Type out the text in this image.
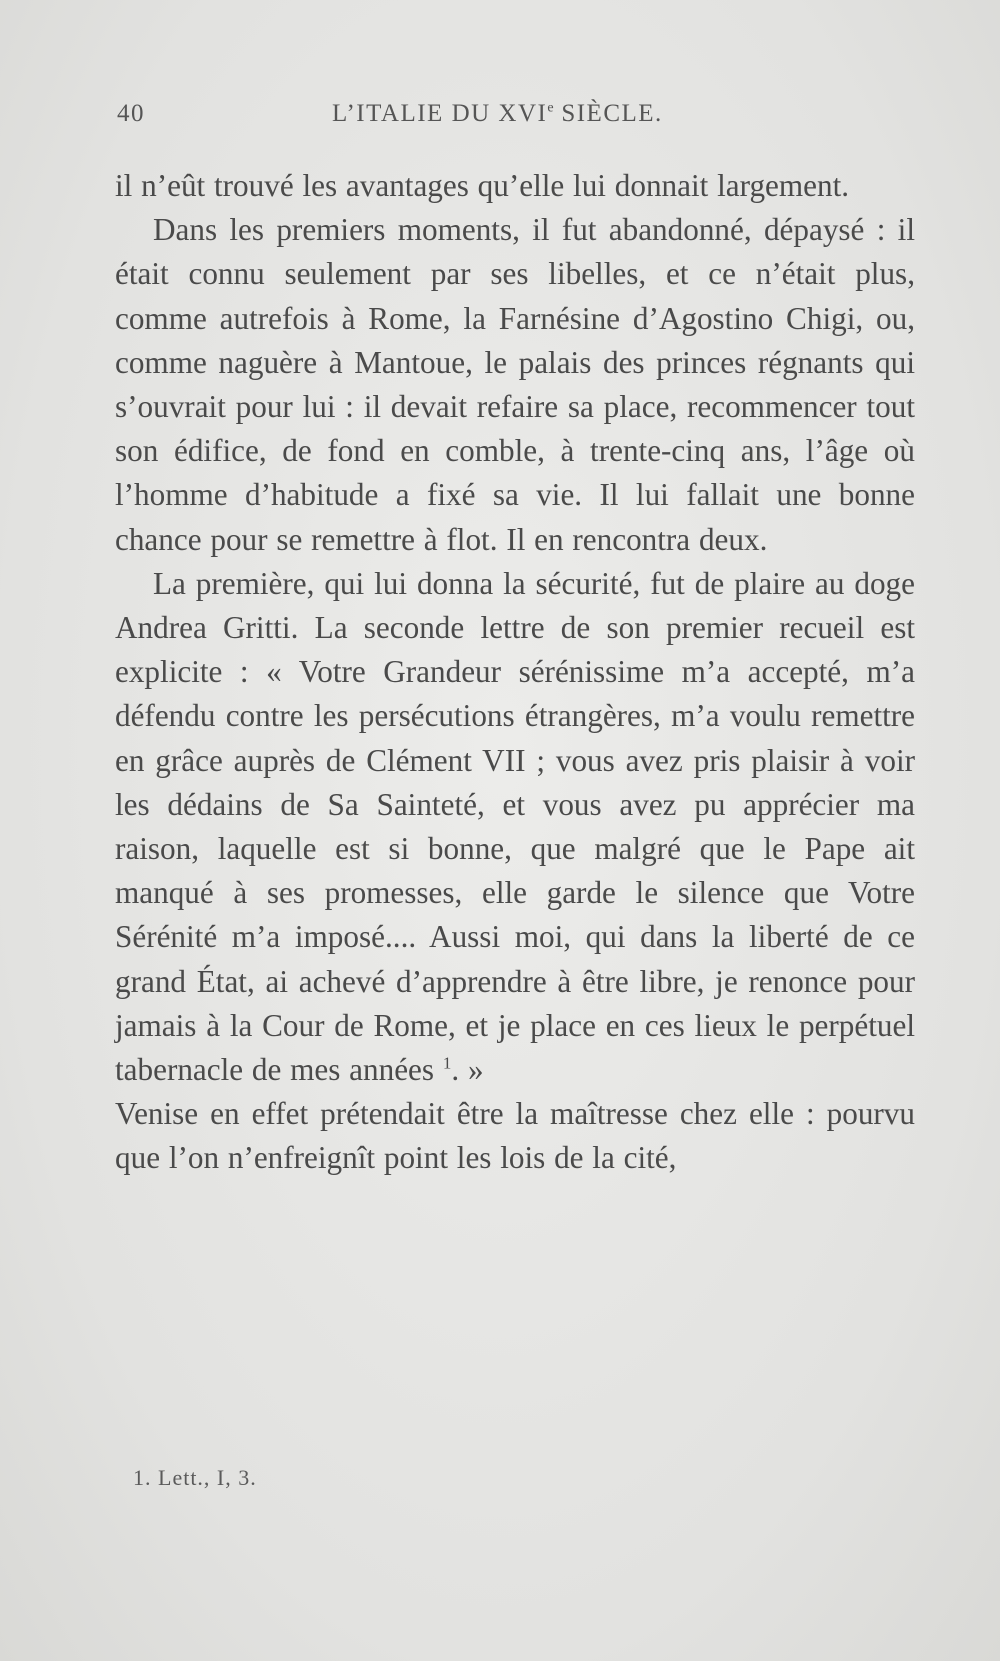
40	L’ITALIE DU XVIe SIÈCLE.

il n’eût trouvé les avantages qu’elle lui donnait largement.

Dans les premiers moments, il fut abandonné, dépaysé : il était connu seulement par ses libelles, et ce n’était plus, comme autrefois à Rome, la Farnésine d’Agostino Chigi, ou, comme naguère à Mantoue, le palais des princes régnants qui s’ouvrait pour lui : il devait refaire sa place, recommencer tout son édifice, de fond en comble, à trente-cinq ans, l’âge où l’homme d’habitude a fixé sa vie. Il lui fallait une bonne chance pour se remettre à flot. Il en rencontra deux.

La première, qui lui donna la sécurité, fut de plaire au doge Andrea Gritti. La seconde lettre de son premier recueil est explicite : « Votre Grandeur sérénissime m’a accepté, m’a défendu contre les persécutions étrangères, m’a voulu remettre en grâce auprès de Clément VII ; vous avez pris plaisir à voir les dédains de Sa Sainteté, et vous avez pu apprécier ma raison, laquelle est si bonne, que malgré que le Pape ait manqué à ses promesses, elle garde le silence que Votre Sérénité m’a imposé.... Aussi moi, qui dans la liberté de ce grand État, ai achevé d’apprendre à être libre, je renonce pour jamais à la Cour de Rome, et je place en ces lieux le perpétuel tabernacle de mes années $^1$. »

Venise en effet prétendait être la maîtresse chez elle : pourvu que l’on n’enfreignît point les lois de la cité,

1. Lett., I, 3.
